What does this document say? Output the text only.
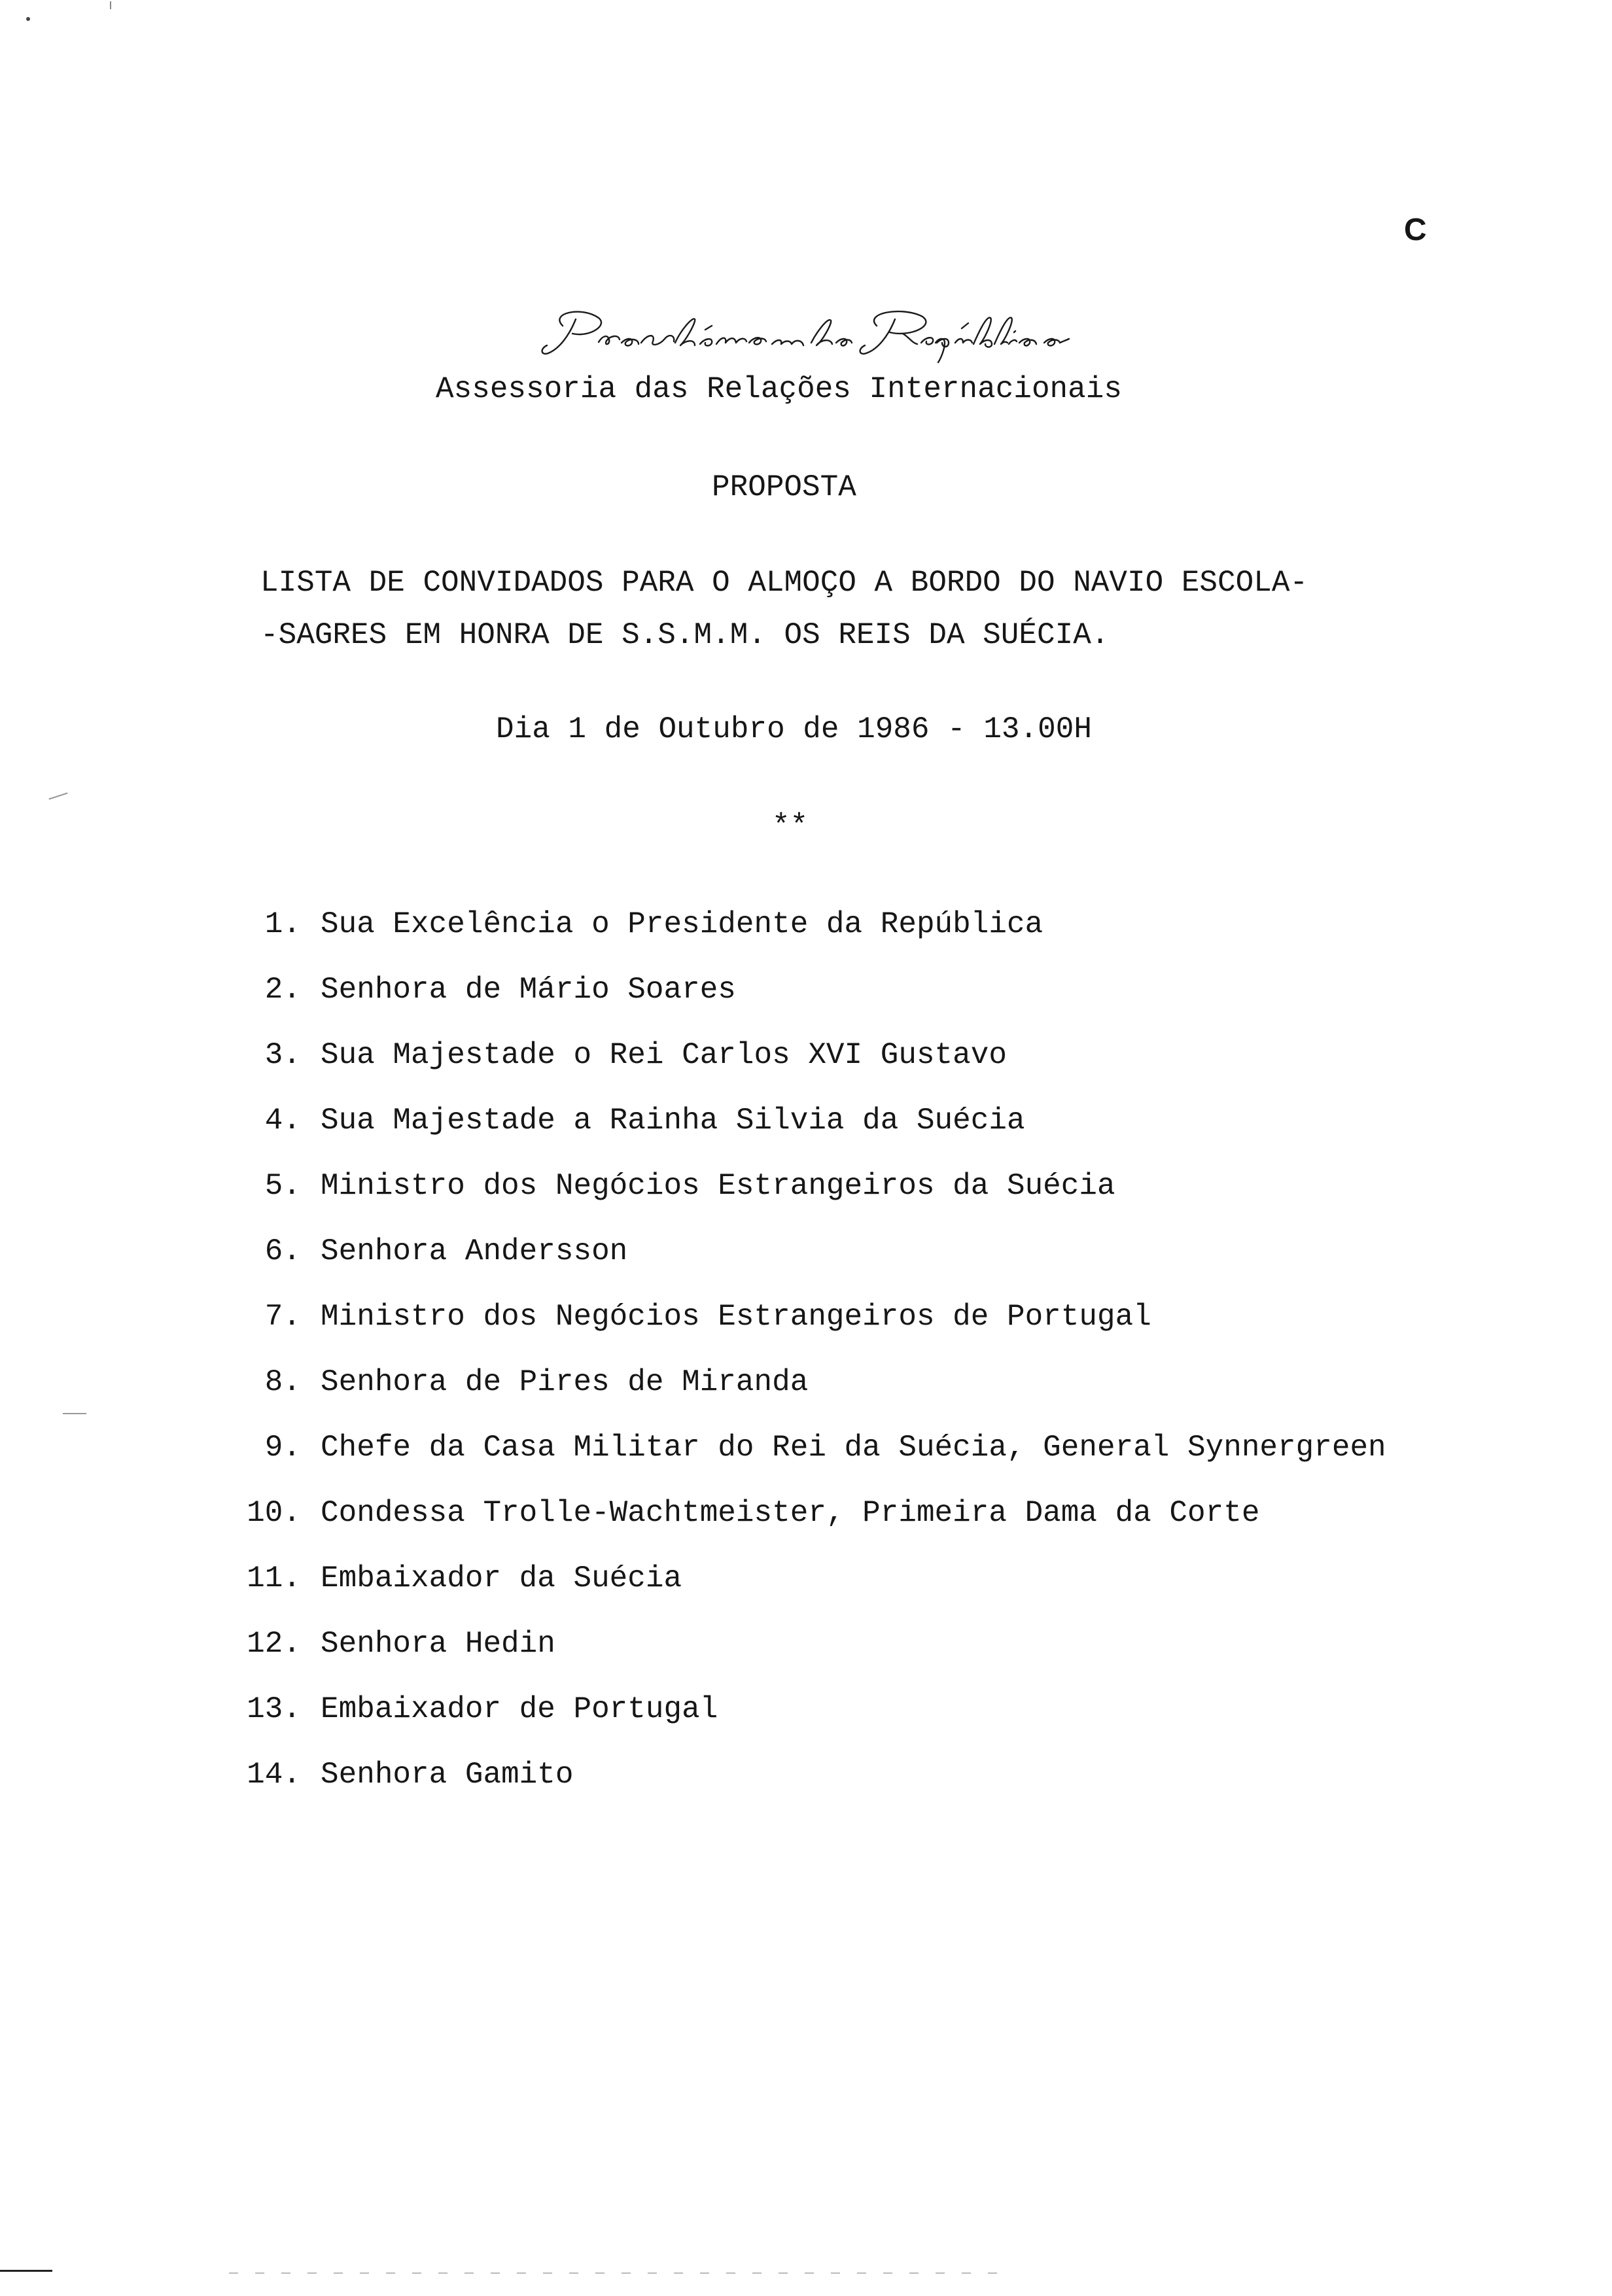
C
Assessoria das Relações Internacionais
PROPOSTA
LISTA DE CONVIDADOS PARA O ALMOÇO A BORDO DO NAVIO ESCOLA-
-SAGRES EM HONRA DE S.S.M.M. OS REIS DA SUÉCIA.
Dia 1 de Outubro de 1986 - 13.00H
**
1. Sua Excelência o Presidente da República
2. Senhora de Mário Soares
3. Sua Majestade o Rei Carlos XVI Gustavo
4. Sua Majestade a Rainha Silvia da Suécia
5. Ministro dos Negócios Estrangeiros da Suécia
6. Senhora Andersson
7. Ministro dos Negócios Estrangeiros de Portugal
8. Senhora de Pires de Miranda
9. Chefe da Casa Militar do Rei da Suécia, General Synnergreen
10. Condessa Trolle-Wachtmeister, Primeira Dama da Corte
11. Embaixador da Suécia
12. Senhora Hedin
13. Embaixador de Portugal
14. Senhora Gamito
